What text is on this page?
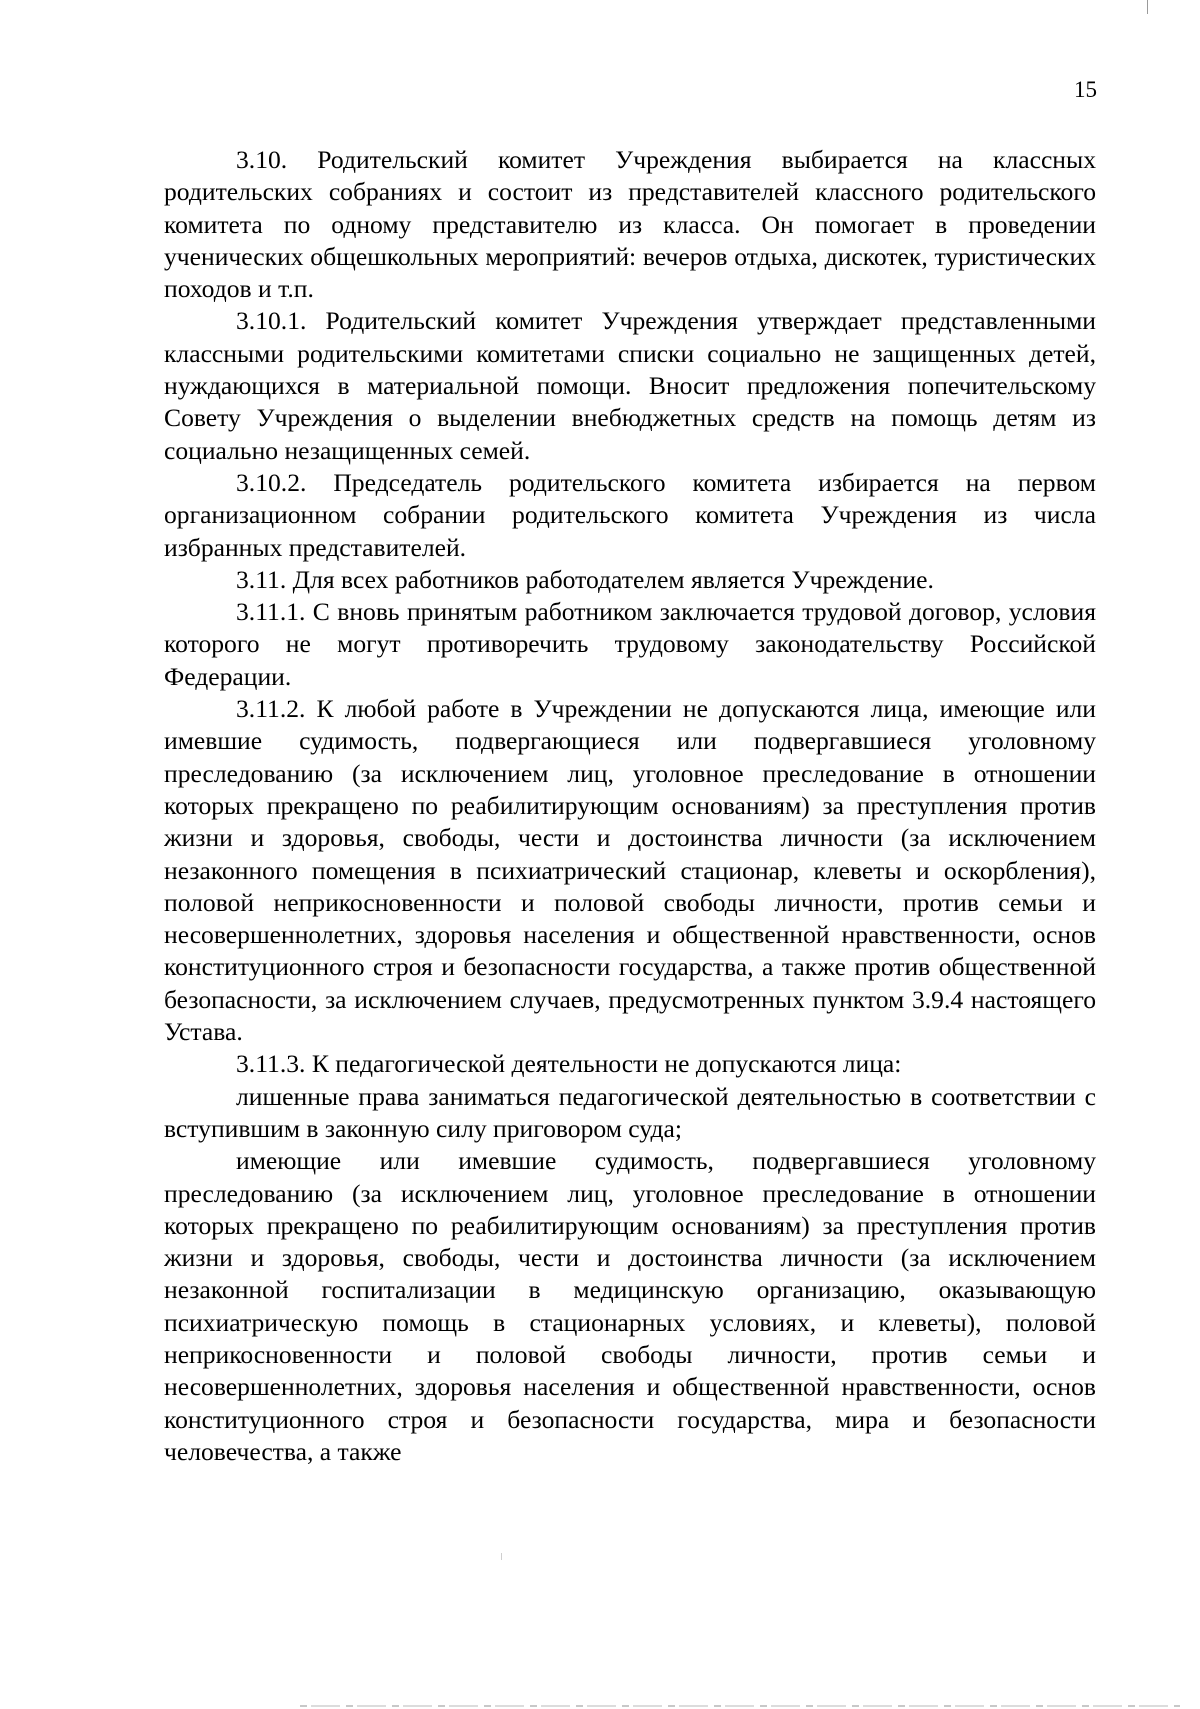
15

3.10. Родительский комитет Учреждения выбирается на классных родительских собраниях и состоит из представителей классного родительского комитета по одному представителю из класса. Он помогает в проведении ученических общешкольных мероприятий: вечеров отдыха, дискотек, туристических походов и т.п.

3.10.1. Родительский комитет Учреждения утверждает представленными классными родительскими комитетами списки социально не защищенных детей, нуждающихся в материальной помощи. Вносит предложения попечительскому Совету Учреждения о выделении внебюджетных средств на помощь детям из социально незащищенных семей.

3.10.2. Председатель родительского комитета избирается на первом организационном собрании родительского комитета Учреждения из числа избранных представителей.

3.11. Для всех работников работодателем является Учреждение.

3.11.1. С вновь принятым работником заключается трудовой договор, условия которого не могут противоречить трудовому законодательству Российской Федерации.

3.11.2. К любой работе в Учреждении не допускаются лица, имеющие или имевшие судимость, подвергающиеся или подвергавшиеся уголовному преследованию (за исключением лиц, уголовное преследование в отношении которых прекращено по реабилитирующим основаниям) за преступления против жизни и здоровья, свободы, чести и достоинства личности (за исключением незаконного помещения в психиатрический стационар, клеветы и оскорбления), половой неприкосновенности и половой свободы личности, против семьи и несовершеннолетних, здоровья населения и общественной нравственности, основ конституционного строя и безопасности государства, а также против общественной безопасности, за исключением случаев, предусмотренных пунктом 3.9.4 настоящего Устава.

3.11.3. К педагогической деятельности не допускаются лица:

лишенные права заниматься педагогической деятельностью в соответствии с вступившим в законную силу приговором суда;

имеющие или имевшие судимость, подвергавшиеся уголовному преследованию (за исключением лиц, уголовное преследование в отношении которых прекращено по реабилитирующим основаниям) за преступления против жизни и здоровья, свободы, чести и достоинства личности (за исключением незаконной госпитализации в медицинскую организацию, оказывающую психиатрическую помощь в стационарных условиях, и клеветы), половой неприкосновенности и половой свободы личности, против семьи и несовершеннолетних, здоровья населения и общественной нравственности, основ конституционного строя и безопасности государства, мира и безопасности человечества, а также
